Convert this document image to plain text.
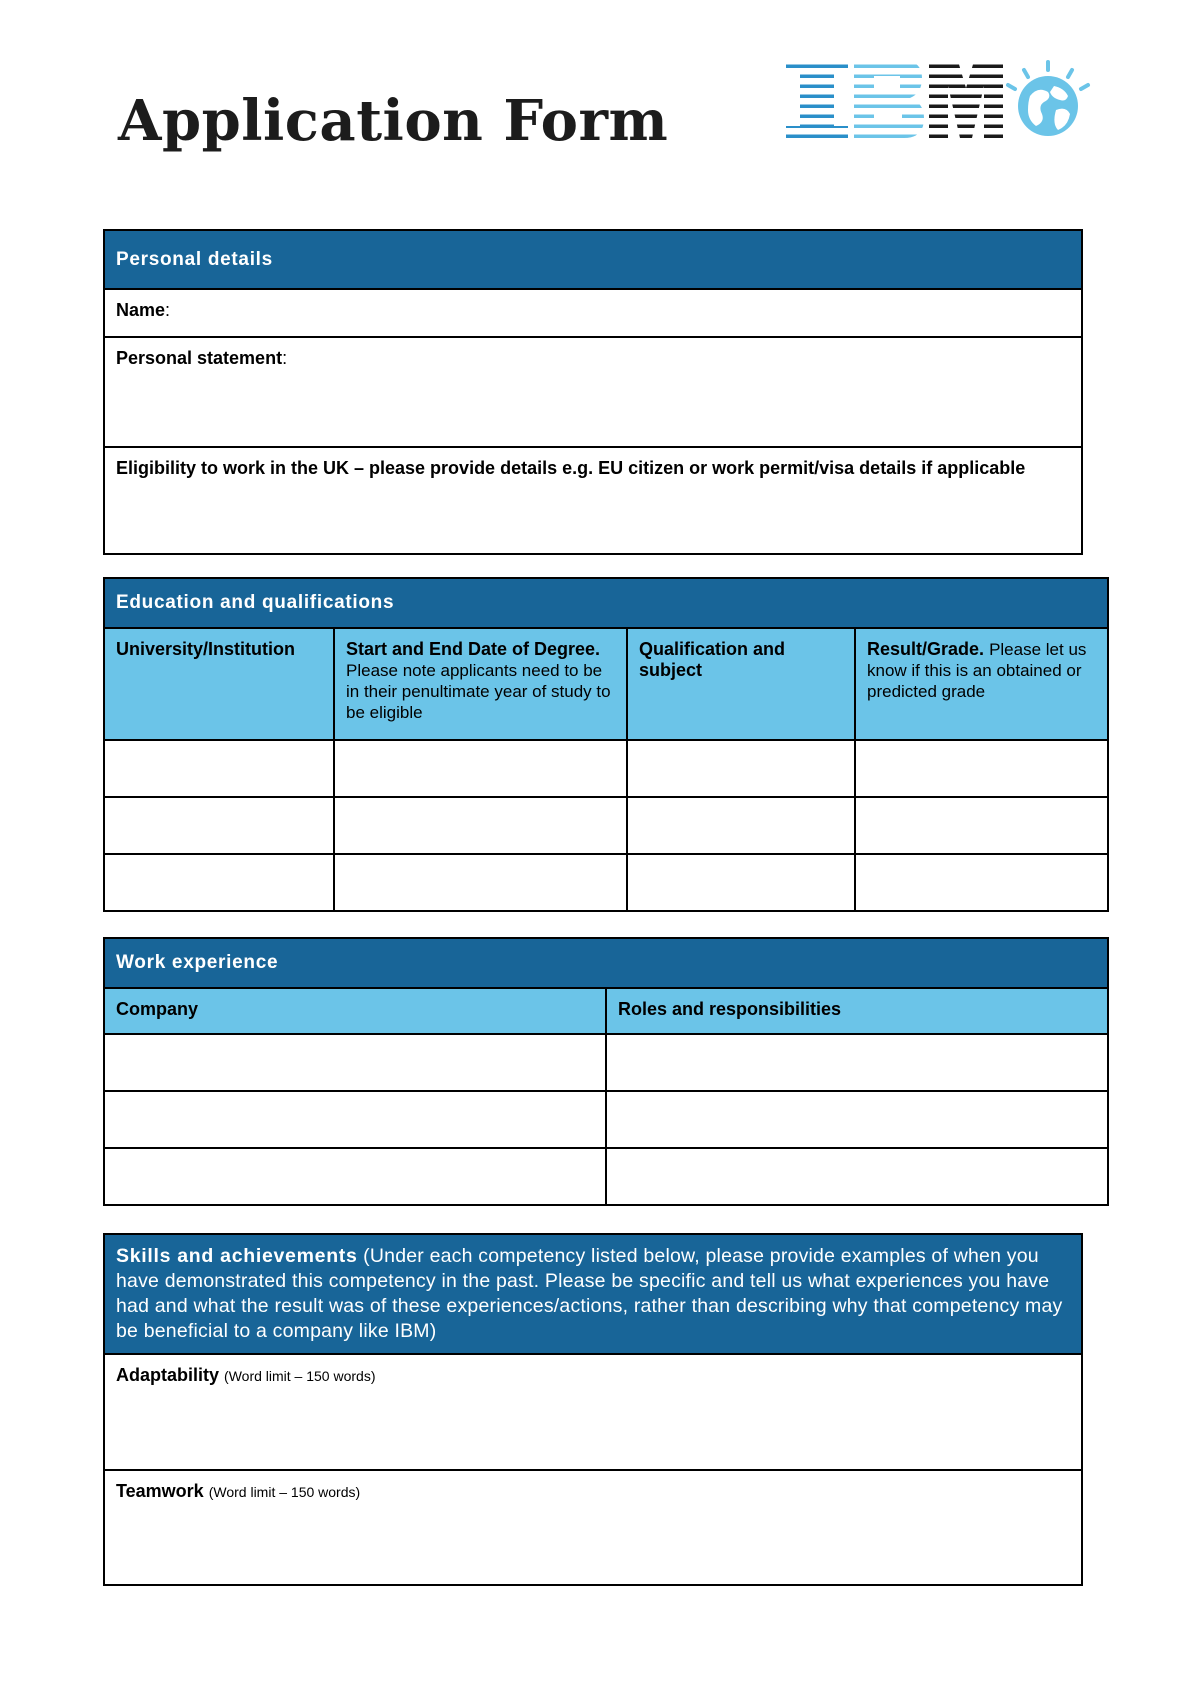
Application Form
Personal details
Name:
Personal statement:

Eligibility to work in the UK – please provide details e.g. EU citizen or work permit/visa details if applicable
Education and qualifications			
University/Institution	Start and End Date of Degree. Please note applicants need to be in their penultimate year of study to be eligible	Qualification and subject	Result/Grade. Please let us know if this is an obtained or predicted grade

Work experience	
Company	Roles and responsibilities

Skills and achievements (Under each competency listed below, please provide examples of when you have demonstrated this competency in the past. Please be specific and tell us what experiences you have had and what the result was of these experiences/actions, rather than describing why that competency may be beneficial to a company like IBM)
Adaptability (Word limit – 150 words)

Teamwork (Word limit – 150 words)
